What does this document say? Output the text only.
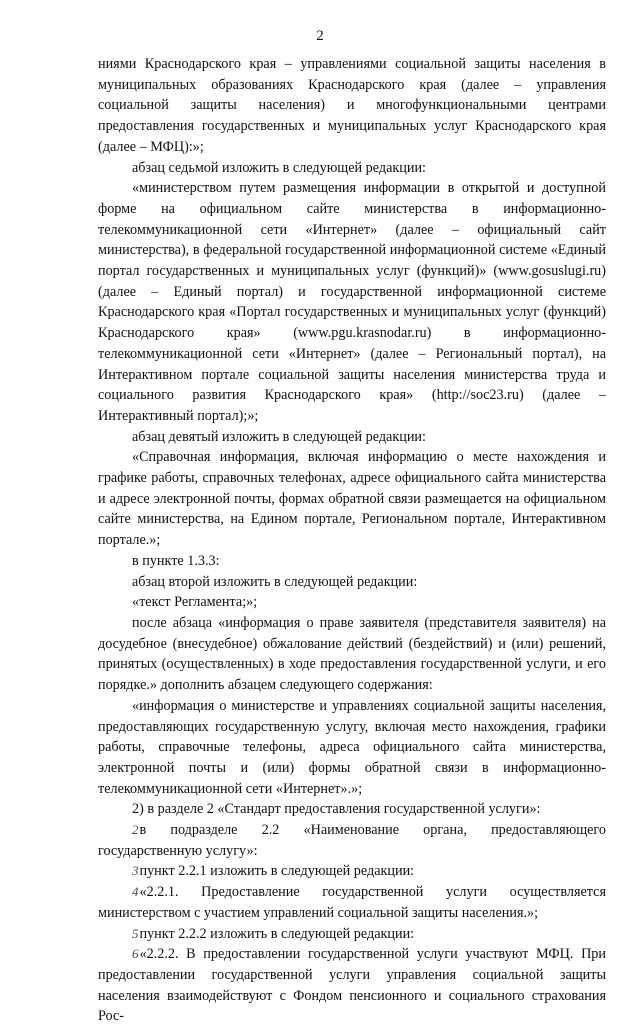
2

ниями Краснодарского края – управлениями социальной защиты населения в муниципальных образованиях Краснодарского края (далее – управления социальной защиты населения) и многофункциональными центрами предоставления государственных и муниципальных услуг Краснодарского края (далее – МФЦ):»;

абзац седьмой изложить в следующей редакции:

«министерством путем размещения информации в открытой и доступной форме на официальном сайте министерства в информационно-телекоммуникационной сети «Интернет» (далее – официальный сайт министерства), в федеральной государственной информационной системе «Единый портал государственных и муниципальных услуг (функций)» (www.gosuslugi.ru) (далее – Единый портал) и государственной информационной системе Краснодарского края «Портал государственных и муниципальных услуг (функций) Краснодарского края» (www.pgu.krasnodar.ru) в информационно-телекоммуникационной сети «Интернет» (далее – Региональный портал), на Интерактивном портале социальной защиты населения министерства труда и социального развития Краснодарского края» (http://soc23.ru) (далее – Интерактивный портал);»;

абзац девятый изложить в следующей редакции:

«Справочная информация, включая информацию о месте нахождения и графике работы, справочных телефонах, адресе официального сайта министерства и адресе электронной почты, формах обратной связи размещается на официальном сайте министерства, на Едином портале, Региональном портале, Интерактивном портале.»;

в пункте 1.3.3:

абзац второй изложить в следующей редакции:

«текст Регламента;»;

после абзаца «информация о праве заявителя (представителя заявителя) на досудебное (внесудебное) обжалование действий (бездействий) и (или) решений, принятых (осуществленных) в ходе предоставления государственной услуги, и его порядке.» дополнить абзацем следующего содержания:

«информация о министерстве и управлениях социальной защиты населения, предоставляющих государственную услугу, включая место нахождения, графики работы, справочные телефоны, адреса официального сайта министерства, электронной почты и (или) формы обратной связи в информационно-телекоммуникационной сети «Интернет».»;

2) в разделе 2 «Стандарт предоставления государственной услуги»:

2в подразделе 2.2 «Наименование органа, предоставляющего государственную услугу»:

3пункт 2.2.1 изложить в следующей редакции:

4«2.2.1. Предоставление государственной услуги осуществляется министерством с участием управлений социальной защиты населения.»;

5пункт 2.2.2 изложить в следующей редакции:

6«2.2.2. В предоставлении государственной услуги участвуют МФЦ. При предоставлении государственной услуги управления социальной защиты населения взаимодействуют с Фондом пенсионного и социального страхования Рос-
